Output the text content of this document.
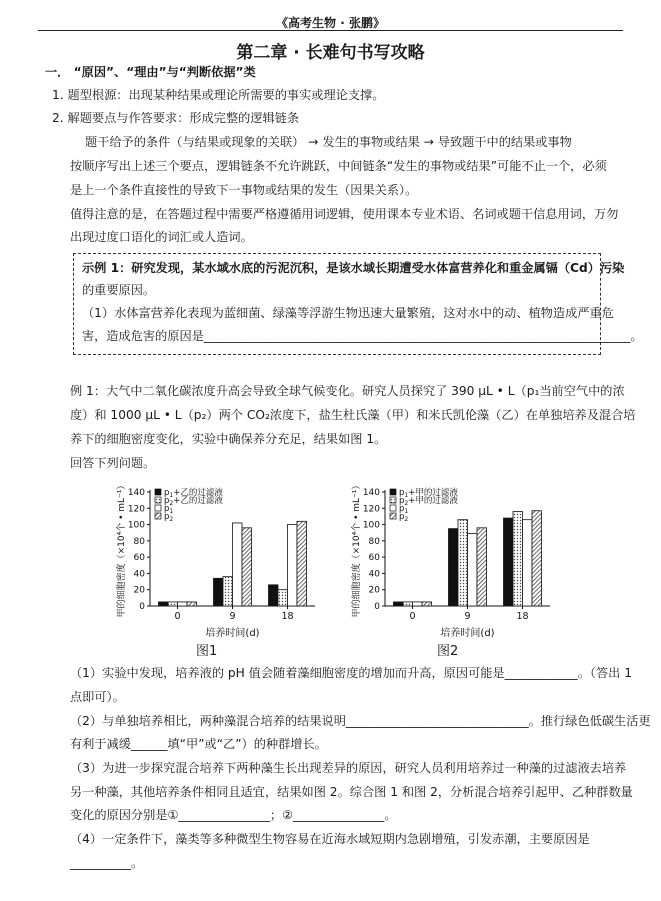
《高考生物 · 张鹏》
第二章 · 长难句书写攻略
一． “原因”、“理由”与“判断依据”类
1. 题型根源：出现某种结果或理论所需要的事实或理论支撑。
2. 解题要点与作答要求：形成完整的逻辑链条
题干给予的条件（与结果或现象的关联） → 发生的事物或结果 → 导致题干中的结果或事物
按顺序写出上述三个要点，逻辑链条不允许跳跃，中间链条“发生的事物或结果”可能不止一个，必须
是上一个条件直接性的导致下一事物或结果的发生（因果关系）。
值得注意的是，在答题过程中需要严格遵循用词逻辑，使用课本专业术语、名词或题干信息用词，万勿
出现过度口语化的词汇或人造词。
示例 1：研究发现，某水域水底的污泥沉积，是该水域长期遭受水体富营养化和重金属镉（Cd）污染
的重要原因。
（1）水体富营养化表现为蓝细菌、绿藻等浮游生物迅速大量繁殖，这对水中的动、植物造成严重危
害，造成危害的原因是______________________________________________________________________。
例 1：大气中二氧化碳浓度升高会导致全球气候变化。研究人员探究了 390 μL • L（p₁当前空气中的浓
度）和 1000 μL • L（p₂）两个 CO₂浓度下，盐生杜氏藻（甲）和米氏凯伦藻（乙）在单独培养及混合培
养下的细胞密度变化，实验中确保养分充足，结果如图 1。
回答下列问题。
0
20
40
60
80
100
120
140
甲的细胞密度（×10⁴个 • mL⁻¹）	0	9	18
培养时间(d)
$p_1+$乙的过滤液
$p_2+$乙的过滤液
$p_1$
$p_2$
图1
0
20
40
60
80
100
120
140
甲的细胞密度（×10⁴个 • mL⁻¹）	0	9	18
培养时间(d)
$p_1+$甲的过滤液
$p_2+$甲的过滤液
$p_1$
$p_2$
图2
（1）实验中发现，培养液的 pH 值会随着藻细胞密度的增加而升高，原因可能是____________。（答出 1
点即可）。
（2）与单独培养相比，两种藻混合培养的结果说明______________________________。推行绿色低碳生活更
有利于减缓______填“甲”或“乙”）的种群增长。
（3）为进一步探究混合培养下两种藻生长出现差异的原因，研究人员利用培养过一种藻的过滤液去培养
另一种藻，其他培养条件相同且适宜，结果如图 2。综合图 1 和图 2，分析混合培养引起甲、乙种群数量
变化的原因分别是①_______________；②_______________。
（4）一定条件下，藻类等多种微型生物容易在近海水域短期内急剧增殖，引发赤潮，主要原因是
__________。
